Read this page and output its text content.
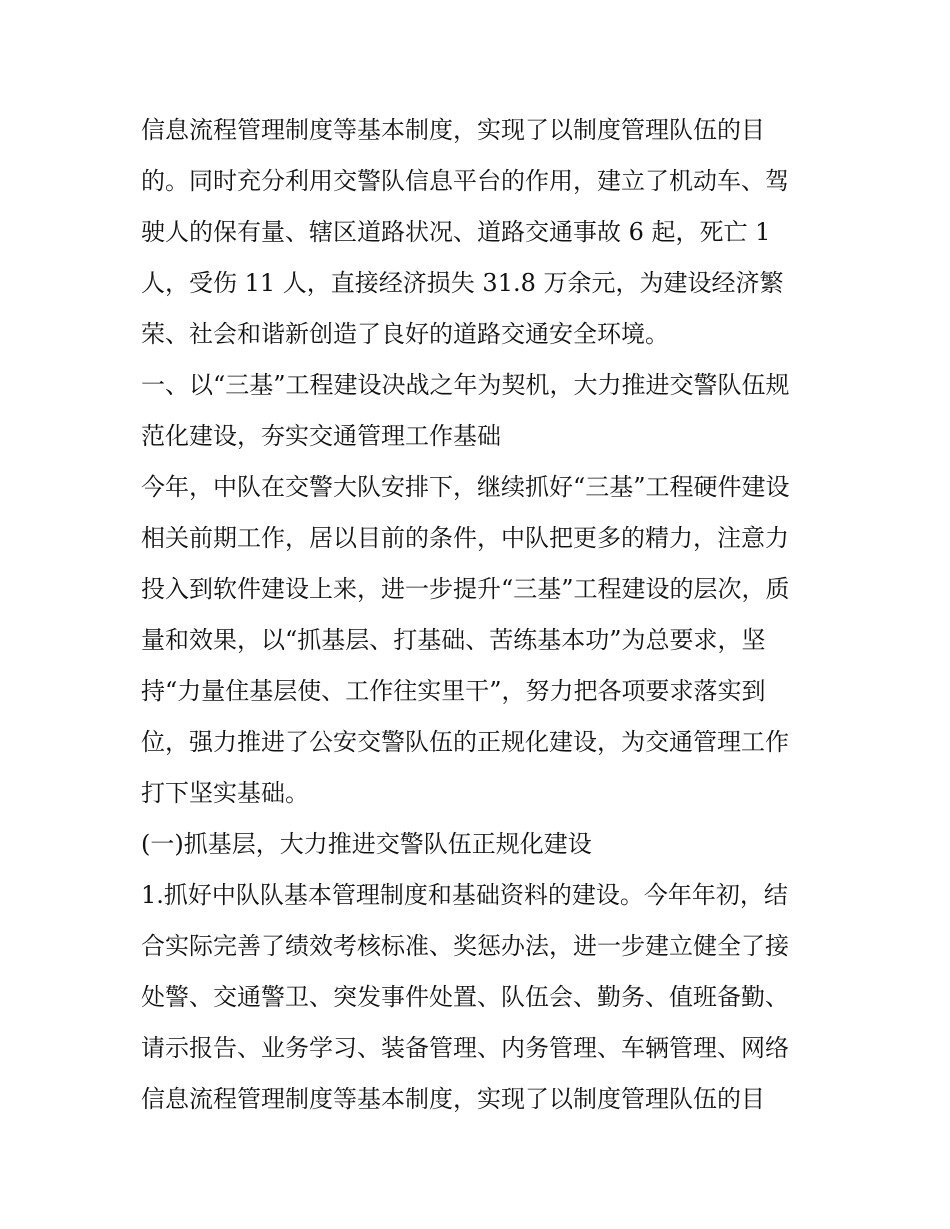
信息流程管理制度等基本制度，实现了以制度管理队伍的目
的。同时充分利用交警队信息平台的作用，建立了机动车、驾
驶人的保有量、辖区道路状况、道路交通事故 6 起，死亡 1
人，受伤 11 人，直接经济损失 31.8 万余元，为建设经济繁
荣、社会和谐新创造了良好的道路交通安全环境。
一、以“三基”工程建设决战之年为契机，大力推进交警队伍规
范化建设，夯实交通管理工作基础
今年，中队在交警大队安排下，继续抓好“三基”工程硬件建设
相关前期工作，居以目前的条件，中队把更多的精力，注意力
投入到软件建设上来，进一步提升“三基”工程建设的层次，质
量和效果，以“抓基层、打基础、苦练基本功”为总要求，坚
持“力量住基层使、工作往实里干”，努力把各项要求落实到
位，强力推进了公安交警队伍的正规化建设，为交通管理工作
打下坚实基础。
(一)抓基层，大力推进交警队伍正规化建设
1.抓好中队队基本管理制度和基础资料的建设。今年年初，结
合实际完善了绩效考核标准、奖惩办法，进一步建立健全了接
处警、交通警卫、突发事件处置、队伍会、勤务、值班备勤、
请示报告、业务学习、装备管理、内务管理、车辆管理、网络
信息流程管理制度等基本制度，实现了以制度管理队伍的目
